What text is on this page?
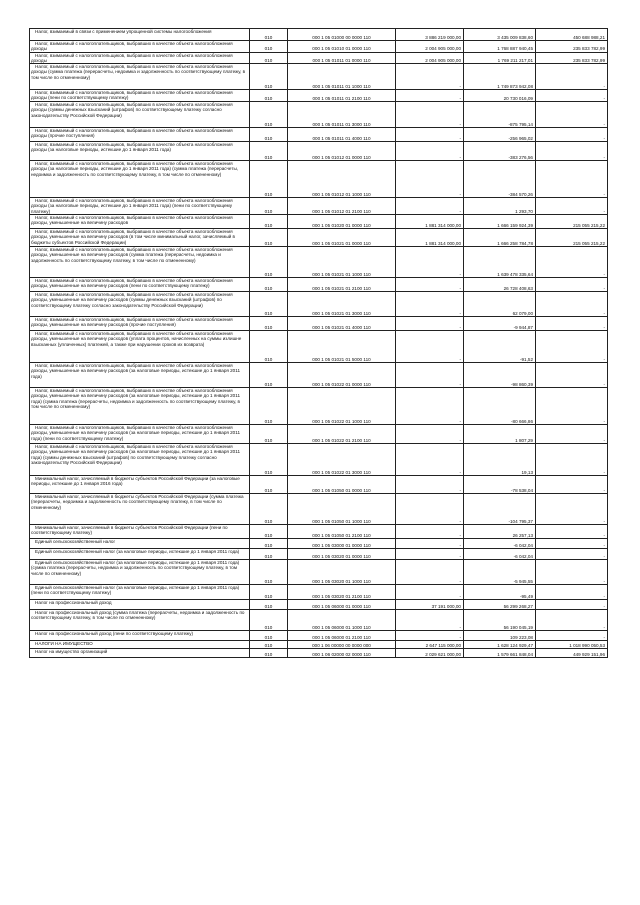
Налог, взимаемый в связи с применением упрощенной системы налогообложения	010	000 1 05 01000 00 0000 110	3 886 219 000,00	3 435 009 838,60	450 688 988,21

Налог, взимаемый с налогоплательщиков, выбравших в качестве объекта налогообложения доходы	010	000 1 05 01010 01 0000 110	2 004 905 000,00	1 768 887 940,45	235 833 782,99

Налог, взимаемый с налогоплательщиков, выбравших в качестве объекта налогообложения доходы	010	000 1 05 01011 01 0000 110	2 004 905 000,00	1 769 211 217,01	235 833 782,99

Налог, взимаемый с налогоплательщиков, выбравших в качестве объекта налогообложения доходы (сумма платежа (перерасчеты, недоимка и задолженность по соответствующему платежу, в том числе по отмененному)	010	000 1 05 01011 01 1000 110	-	1 749 873 942,08	-

Налог, взимаемый с налогоплательщиков, выбравших в качестве объекта налогообложения доходы (пени по соответствующему платежу)	010	000 1 05 01011 01 2100 110	-	20 730 016,09	-

Налог, взимаемый с налогоплательщиков, выбравших в качестве объекта налогообложения доходы (суммы денежных взысканий (штрафов) по соответствующему платежу согласно законодательству Российской Федерации)	010	000 1 05 01011 01 3000 110	-	-875 795,14	-

Налог, взимаемый с налогоплательщиков, выбравших в качестве объекта налогообложения доходы (прочие поступления)	010	000 1 05 01011 01 4000 110	-	-256 965,02	-

Налог, взимаемый с налогоплательщиков, выбравших в качестве объекта налогообложения доходы (за налоговые периоды, истекшие до 1 января 2011 года)	010	000 1 05 01012 01 0000 110	-	-383 276,56	-

Налог, взимаемый с налогоплательщиков, выбравших в качестве объекта налогообложения доходы (за налоговые периоды, истекшие до 1 января 2011 года) (сумма платежа (перерасчеты, недоимка и задолженность по соответствующему платежу, в том числе по отмененному)	010	000 1 05 01012 01 1000 110	-	-384 570,26	-

Налог, взимаемый с налогоплательщиков, выбравших в качестве объекта налогообложения доходы (за налоговые периоды, истекшие до 1 января 2011 года) (пени по соответствующему платежу)	010	000 1 05 01012 01 2100 110	-	1 293,70	-

Налог, взимаемый с налогоплательщиков, выбравших в качестве объекта налогообложения доходы, уменьшенные на величину расходов	010	000 1 05 01020 01 0000 110	1 881 314 000,00	1 666 159 924,39	215 055 215,22

Налог, взимаемый с налогоплательщиков, выбравших в качестве объекта налогообложения доходы, уменьшенные на величину расходов (в том числе минимальный налог, зачисляемый в бюджеты субъектов Российской Федерации)	010	000 1 05 01021 01 0000 110	1 881 314 000,00	1 666 258 784,78	215 055 215,22

Налог, взимаемый с налогоплательщиков, выбравших в качестве объекта налогообложения доходы, уменьшенные на величину расходов (сумма платежа (перерасчеты, недоимка и задолженность по соответствующему платежу, в том числе по отмененному)	010	000 1 05 01021 01 1000 110	-	1 639 478 335,64	-

Налог, взимаемый с налогоплательщиков, выбравших в качестве объекта налогообложения доходы, уменьшенные на величину расходов (пени по соответствующему платежу)	010	000 1 05 01021 01 2100 110	-	26 728 408,63	-

Налог, взимаемый с налогоплательщиков, выбравших в качестве объекта налогообложения доходы, уменьшенные на величину расходов (суммы денежных взысканий (штрафов) по соответствующему платежу согласно законодательству Российской Федерации)	010	000 1 05 01021 01 3000 110	-	62 079,00	-

Налог, взимаемый с налогоплательщиков, выбравших в качестве объекта налогообложения доходы, уменьшенные на величину расходов (прочие поступления)	010	000 1 05 01021 01 4000 110	-	-9 944,87	-

Налог, взимаемый с налогоплательщиков, выбравших в качестве объекта налогообложения доходы, уменьшенные на величину расходов (уплата процентов, начисленных на суммы излишне взысканных (уплаченных) платежей, а также при нарушении сроков их возврата)	010	000 1 05 01021 01 5000 110	-	-91,52	-

Налог, взимаемый с налогоплательщиков, выбравших в качестве объекта налогообложения доходы, уменьшенные на величину расходов (за налоговые периоды, истекшие до 1 января 2011 года)	010	000 1 05 01022 01 0000 110	-	-98 860,39	-

Налог, взимаемый с налогоплательщиков, выбравших в качестве объекта налогообложения доходы, уменьшенные на величину расходов (за налоговые периоды, истекшие до 1 января 2011 года) (сумма платежа (перерасчеты, недоимка и задолженность по соответствующему платежу, в том числе по отмененному)	010	000 1 05 01022 01 1000 110	-	-80 666,86	-

Налог, взимаемый с налогоплательщиков, выбравших в качестве объекта налогообложения доходы, уменьшенные на величину расходов (за налоговые периоды, истекшие до 1 января 2011 года) (пени по соответствующему платежу)	010	000 1 05 01022 01 2100 110	-	1 807,29	-

Налог, взимаемый с налогоплательщиков, выбравших в качестве объекта налогообложения доходы, уменьшенные на величину расходов (за налоговые периоды, истекшие до 1 января 2011 года) (суммы денежных взысканий (штрафов) по соответствующему платежу согласно законодательству Российской Федерации)	010	000 1 05 01022 01 3000 110	-	19,13	-

Минимальный налог, зачисляемый в бюджеты субъектов Российской Федерации (за налоговые периоды, истекшие до 1 января 2016 года)	010	000 1 05 01050 01 0000 110	-	-78 538,04	-

Минимальный налог, зачисляемый в бюджеты субъектов Российской Федерации (сумма платежа (перерасчеты, недоимка и задолженность по соответствующему платежу, в том числе по отмененному)	010	000 1 05 01050 01 1000 110	-	-104 795,37	-

Минимальный налог, зачисляемый в бюджеты субъектов Российской Федерации (пени по соответствующему платежу)	010	000 1 05 01050 01 2100 110	-	26 257,13	-

Единый сельскохозяйственный налог	010	000 1 05 03000 01 0000 110	-	-6 042,04	-

Единый сельскохозяйственный налог (за налоговые периоды, истекшие до 1 января 2011 года)	010	000 1 05 03020 01 0000 110	-	-6 042,04	-

Единый сельскохозяйственный налог (за налоговые периоды, истекшие до 1 января 2011 года) (сумма платежа (перерасчеты, недоимка и задолженность по соответствующему платежу, в том числе по отмененному)	010	000 1 05 03020 01 1000 110	-	-5 945,55	-

Единый сельскохозяйственный налог (за налоговые периоды, истекшие до 1 января 2011 года) (пени по соответствующему платежу)	010	000 1 05 03020 01 2100 110	-	-95,49	-

Налог на профессиональный доход	010	000 1 05 06000 01 0000 110	37 191 000,00	56 299 268,27	-

Налог на профессиональный доход (сумма платежа (перерасчеты, недоимка и задолженность по соответствующему платежу, в том числе по отмененному)	010	000 1 05 06000 01 1000 110	-	56 190 045,19	-

Налог на профессиональный доход (пени по соответствующему платежу)	010	000 1 05 06000 01 2100 110	-	109 223,08	-

НАЛОГИ НА ИМУЩЕСТВО	010	000 1 06 00000 00 0000 000	2 647 115 000,00	1 628 124 929,47	1 018 990 050,53

Налог на имущество организаций	010	000 1 06 02000 02 0000 110	2 029 621 000,00	1 579 661 848,04	449 929 151,96
